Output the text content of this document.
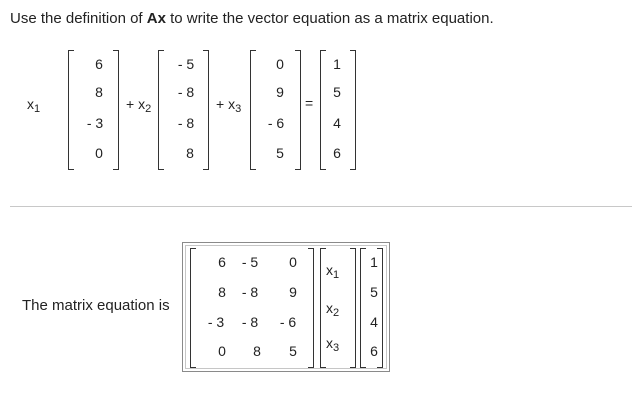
Use the definition of Ax to write the vector equation as a matrix equation.
$x_1$
6
8
- 3
0
+ $x_2$
- 5
- 8
- 8
8
+ $x_3$
0
9
- 6
5
=
1
5
4
6
The matrix equation is
6	- 5	0
8	- 8	9
- 3	- 8	- 6
0	8	5
$x_1$
$x_2$
$x_3$
1
5
4
6
